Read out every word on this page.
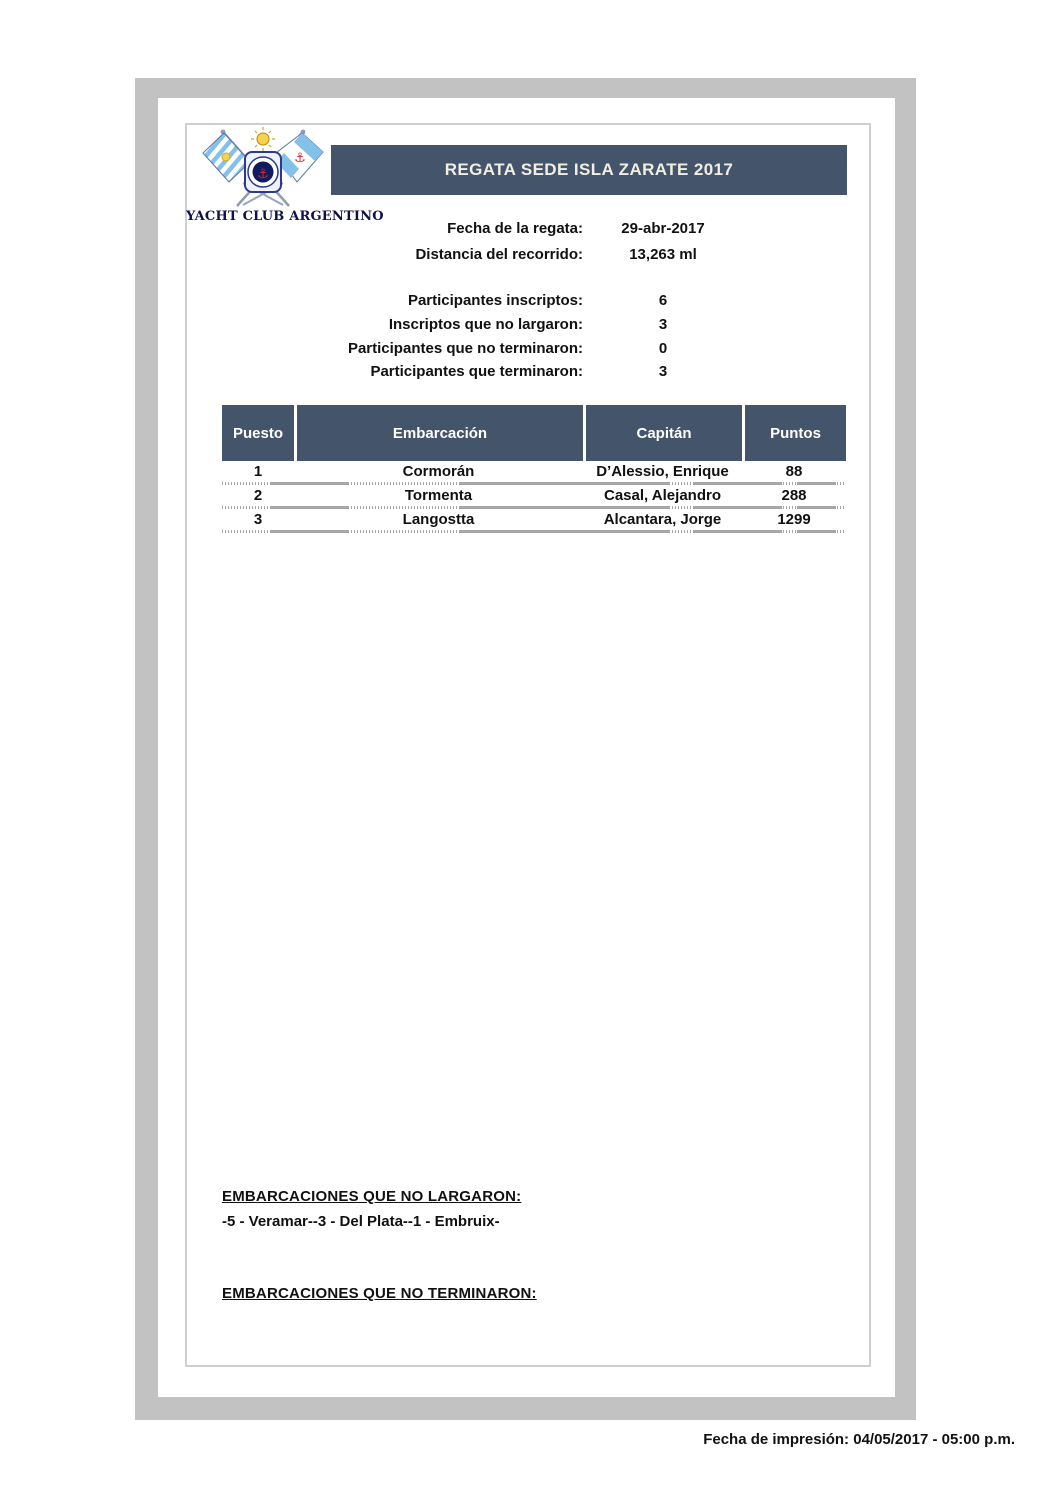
⚓
⚓
YACHT CLUB ARGENTINO
REGATA SEDE ISLA ZARATE 2017
Fecha de la regata:	29-abr-2017
Distancia del recorrido:	13,263 ml
Participantes inscriptos:	6
Inscriptos que no largaron:	3
Participantes que no terminaron:	0
Participantes que terminaron:	3
Puesto	Embarcación	Capitán	Puntos
1	Cormorán	D’Alessio, Enrique	88
2	Tormenta	Casal, Alejandro	288
3	Langostta	Alcantara, Jorge	1299
EMBARCACIONES QUE NO LARGARON:
-5 - Veramar--3 - Del Plata--1 - Embruix-
EMBARCACIONES QUE NO TERMINARON:
Fecha de impresión: 04/05/2017 - 05:00 p.m.
